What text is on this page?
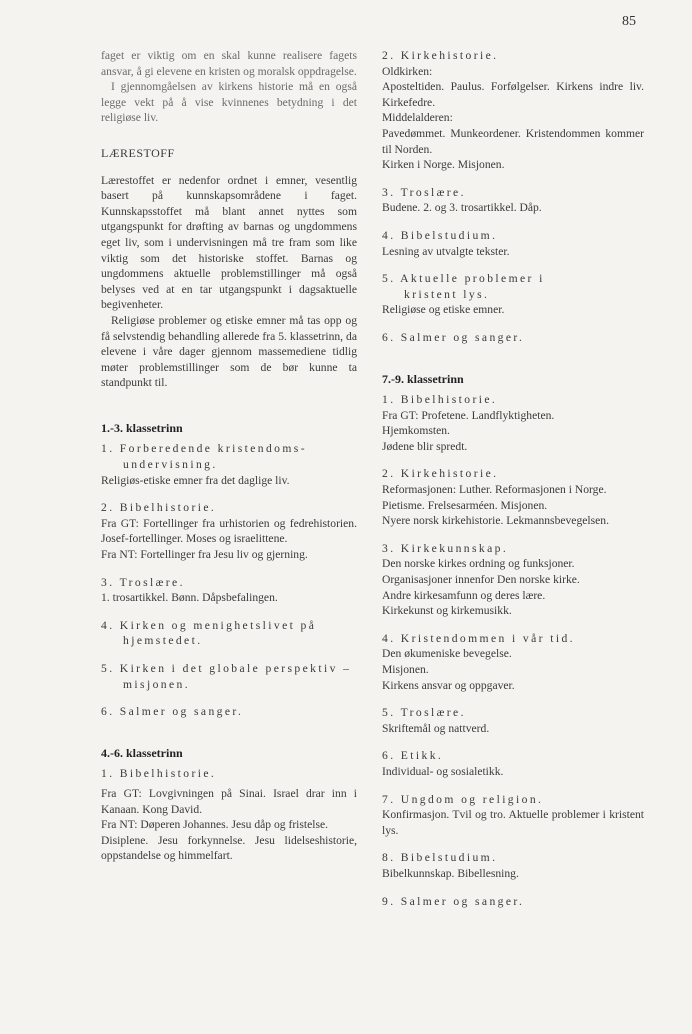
85

faget er viktig om en skal kunne realisere fagets ansvar, å gi elevene en kristen og moralsk oppdragelse.

I gjennomgåelsen av kirkens historie må en også legge vekt på å vise kvinnenes betydning i det religiøse liv.

LÆRESTOFF

Lærestoffet er nedenfor ordnet i emner, vesentlig basert på kunnskapsområdene i faget. Kunnskapsstoffet må blant annet nyttes som utgangspunkt for drøfting av barnas og ungdommens eget liv, som i undervisningen må tre fram som like viktig som det historiske stoffet. Barnas og ungdommens aktuelle problemstillinger må også belyses ved at en tar utgangspunkt i dagsaktuelle begivenheter.

Religiøse problemer og etiske emner må tas opp og få selvstendig behandling allerede fra 5. klassetrinn, da elevene i våre dager gjennom massemediene tidlig møter problemstillinger som de bør kunne ta standpunkt til.

1.-3. klassetrinn

1. Forberedende kristendoms-

undervisning.

Religiøs-etiske emner fra det daglige liv.

2. Bibelhistorie.

Fra GT: Fortellinger fra urhistorien og fedrehistorien. Josef-fortellinger. Moses og israelittene.

Fra NT: Fortellinger fra Jesu liv og gjerning.

3. Troslære.

1. trosartikkel. Bønn. Dåpsbefalingen.

4. Kirken og menighetslivet på

hjemstedet.

5. Kirken i det globale perspektiv –

misjonen.

6. Salmer og sanger.

4.-6. klassetrinn

1. Bibelhistorie.

Fra GT: Lovgivningen på Sinai. Israel drar inn i Kanaan. Kong David.

Fra NT: Døperen Johannes. Jesu dåp og fristelse.

Disiplene. Jesu forkynnelse. Jesu lidelseshistorie, oppstandelse og himmelfart.

2. Kirkehistorie.

Oldkirken:

Aposteltiden. Paulus. Forfølgelser. Kirkens indre liv. Kirkefedre.

Middelalderen:

Pavedømmet. Munkeordener. Kristendommen kommer til Norden.

Kirken i Norge. Misjonen.

3. Troslære.

Budene. 2. og 3. trosartikkel. Dåp.

4. Bibelstudium.

Lesning av utvalgte tekster.

5. Aktuelle problemer i

kristent lys.

Religiøse og etiske emner.

6. Salmer og sanger.

7.-9. klassetrinn

1. Bibelhistorie.

Fra GT: Profetene. Landflyktigheten.

Hjemkomsten.

Jødene blir spredt.

2. Kirkehistorie.

Reformasjonen: Luther. Reformasjonen i Norge.

Pietisme. Frelsesarméen. Misjonen.

Nyere norsk kirkehistorie. Lekmannsbevegelsen.

3. Kirkekunnskap.

Den norske kirkes ordning og funksjoner.

Organisasjoner innenfor Den norske kirke.

Andre kirkesamfunn og deres lære.

Kirkekunst og kirkemusikk.

4. Kristendommen i vår tid.

Den økumeniske bevegelse.

Misjonen.

Kirkens ansvar og oppgaver.

5. Troslære.

Skriftemål og nattverd.

6. Etikk.

Individual- og sosialetikk.

7. Ungdom og religion.

Konfirmasjon. Tvil og tro. Aktuelle problemer i kristent lys.

8. Bibelstudium.

Bibelkunnskap. Bibellesning.

9. Salmer og sanger.
